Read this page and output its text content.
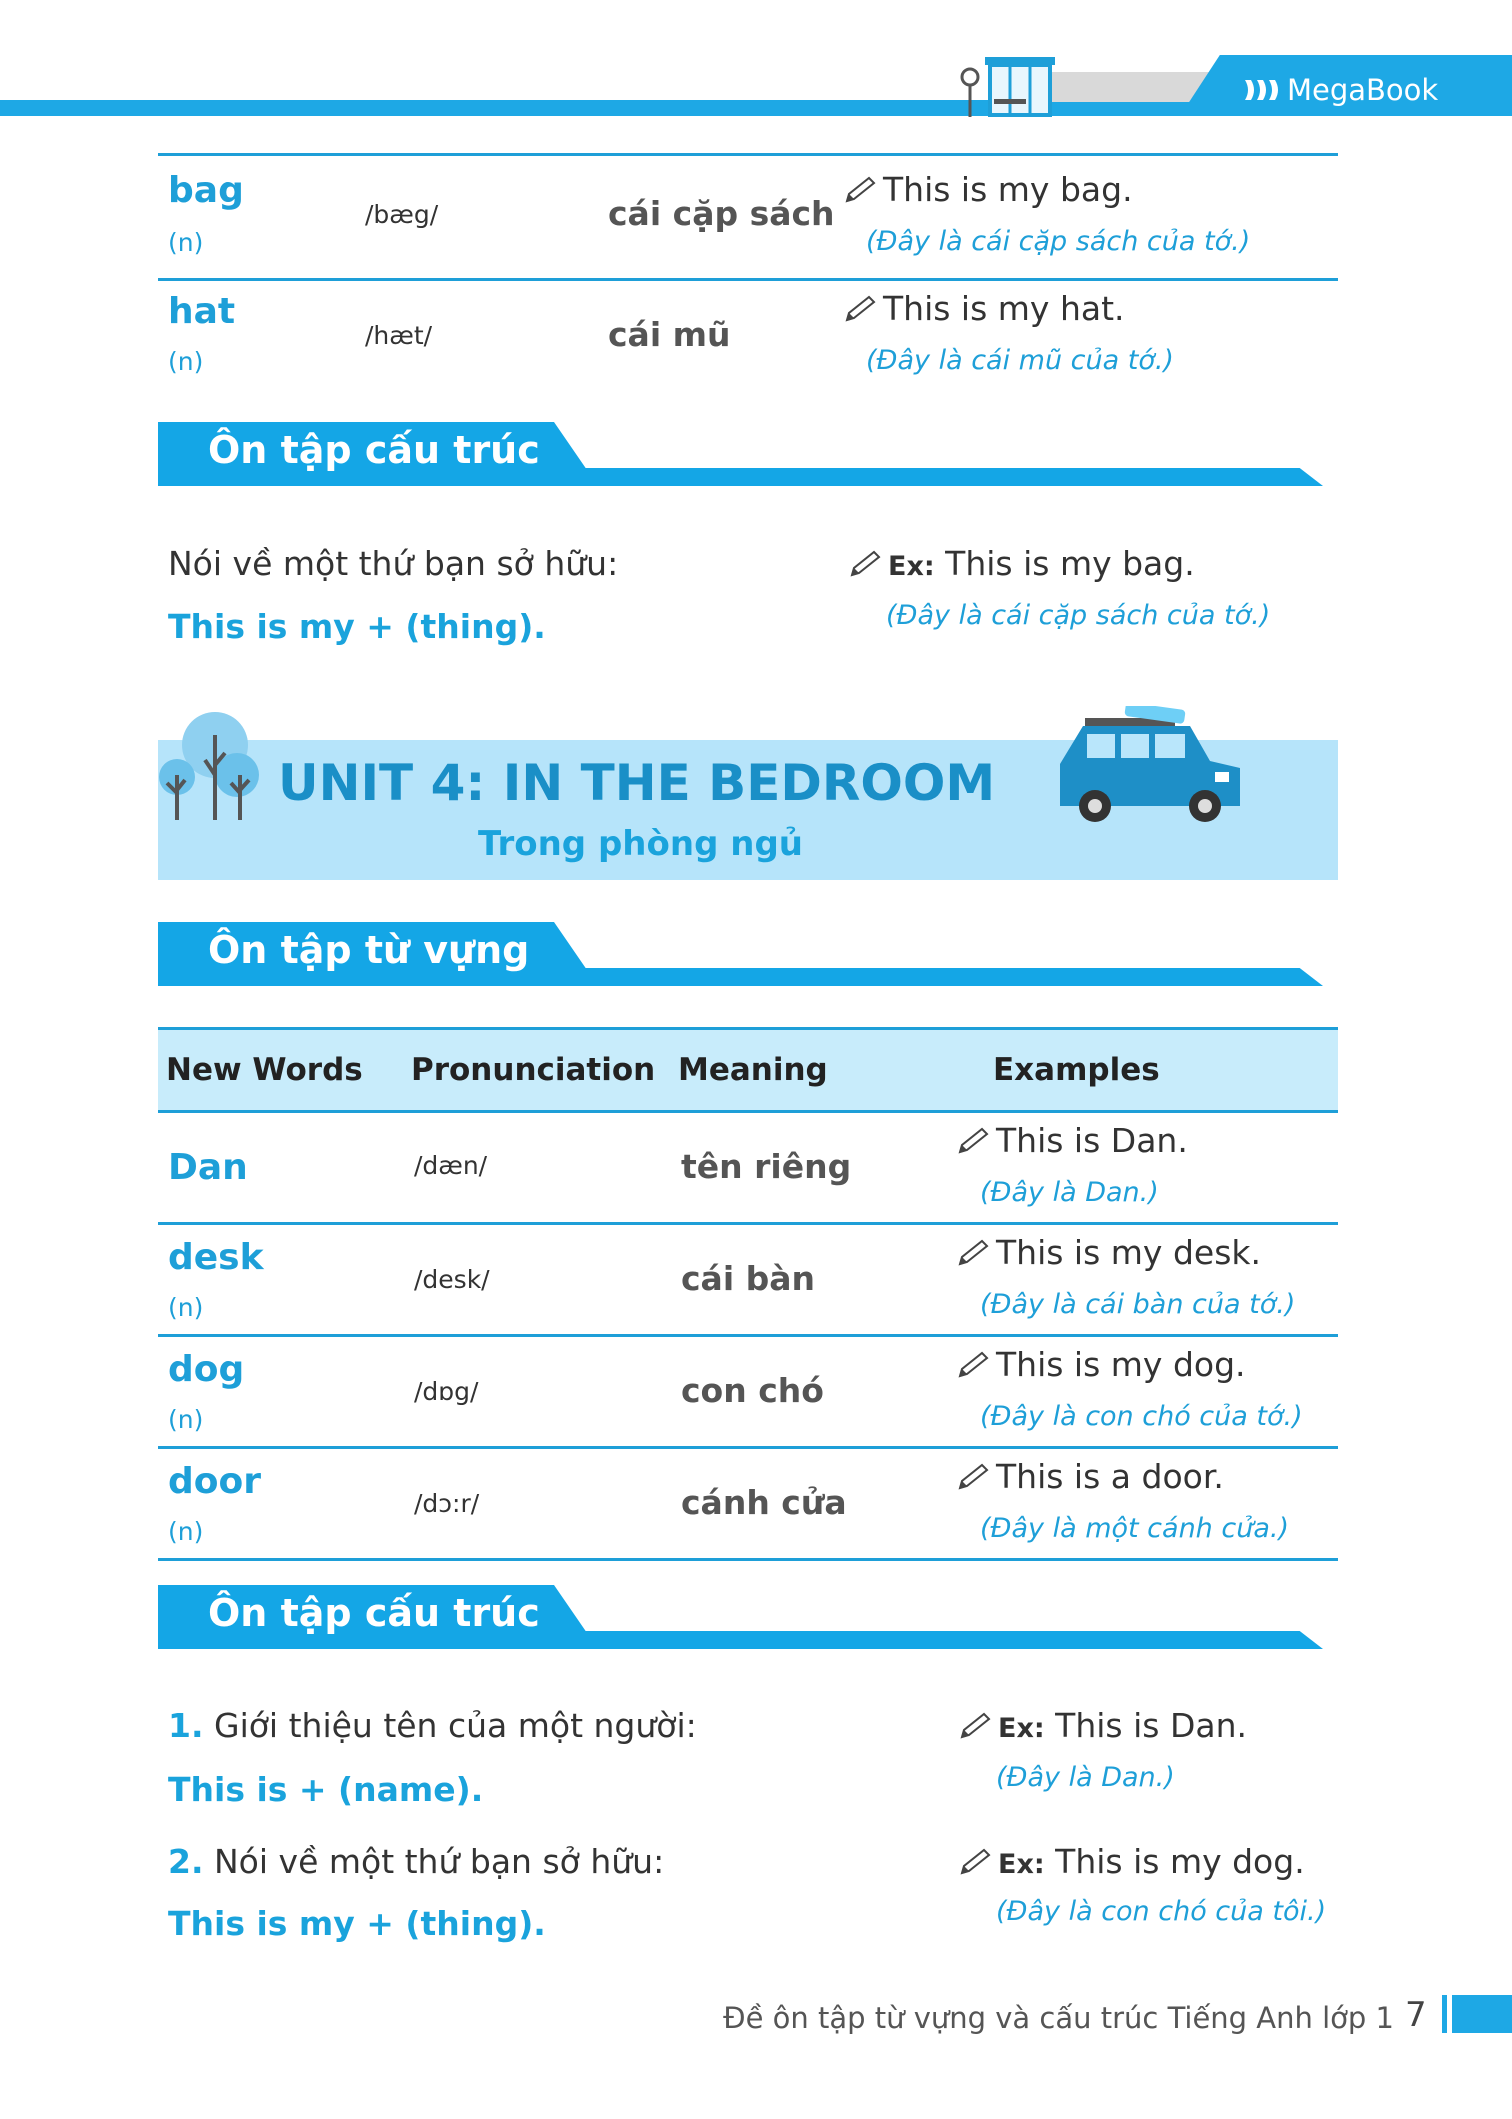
MegaBook
bag
(n)
/bæg/	cái cặp sách
This is my bag.
(Đây là cái cặp sách của tớ.)
hat
(n)
/hæt/	cái mũ
This is my hat.
(Đây là cái mũ của tớ.)
Ôn tập cấu trúc
Nói về một thứ bạn sở hữu:
This is my + (thing).
Ex: This is my bag.
(Đây là cái cặp sách của tớ.)
UNIT 4: IN THE BEDROOM
Trong phòng ngủ
Ôn tập từ vựng
New Words Pronunciation Meaning	Examples
Dan	/dæn/	tên riêng
This is Dan.
(Đây là Dan.)
desk
(n)
/desk/	cái bàn
This is my desk.
(Đây là cái bàn của tớ.)
dog
(n)
/dɒg/	con chó
This is my dog.
(Đây là con chó của tớ.)
door
(n)
/dɔ:r/	cánh cửa
This is a door.
(Đây là một cánh cửa.)
Ôn tập cấu trúc
1. Giới thiệu tên của một người:
This is + (name).
Ex: This is Dan.
(Đây là Dan.)
2. Nói về một thứ bạn sở hữu:
This is my + (thing).
Ex: This is my dog.
(Đây là con chó của tôi.)
Đề ôn tập từ vựng và cấu trúc Tiếng Anh lớp 1 7
